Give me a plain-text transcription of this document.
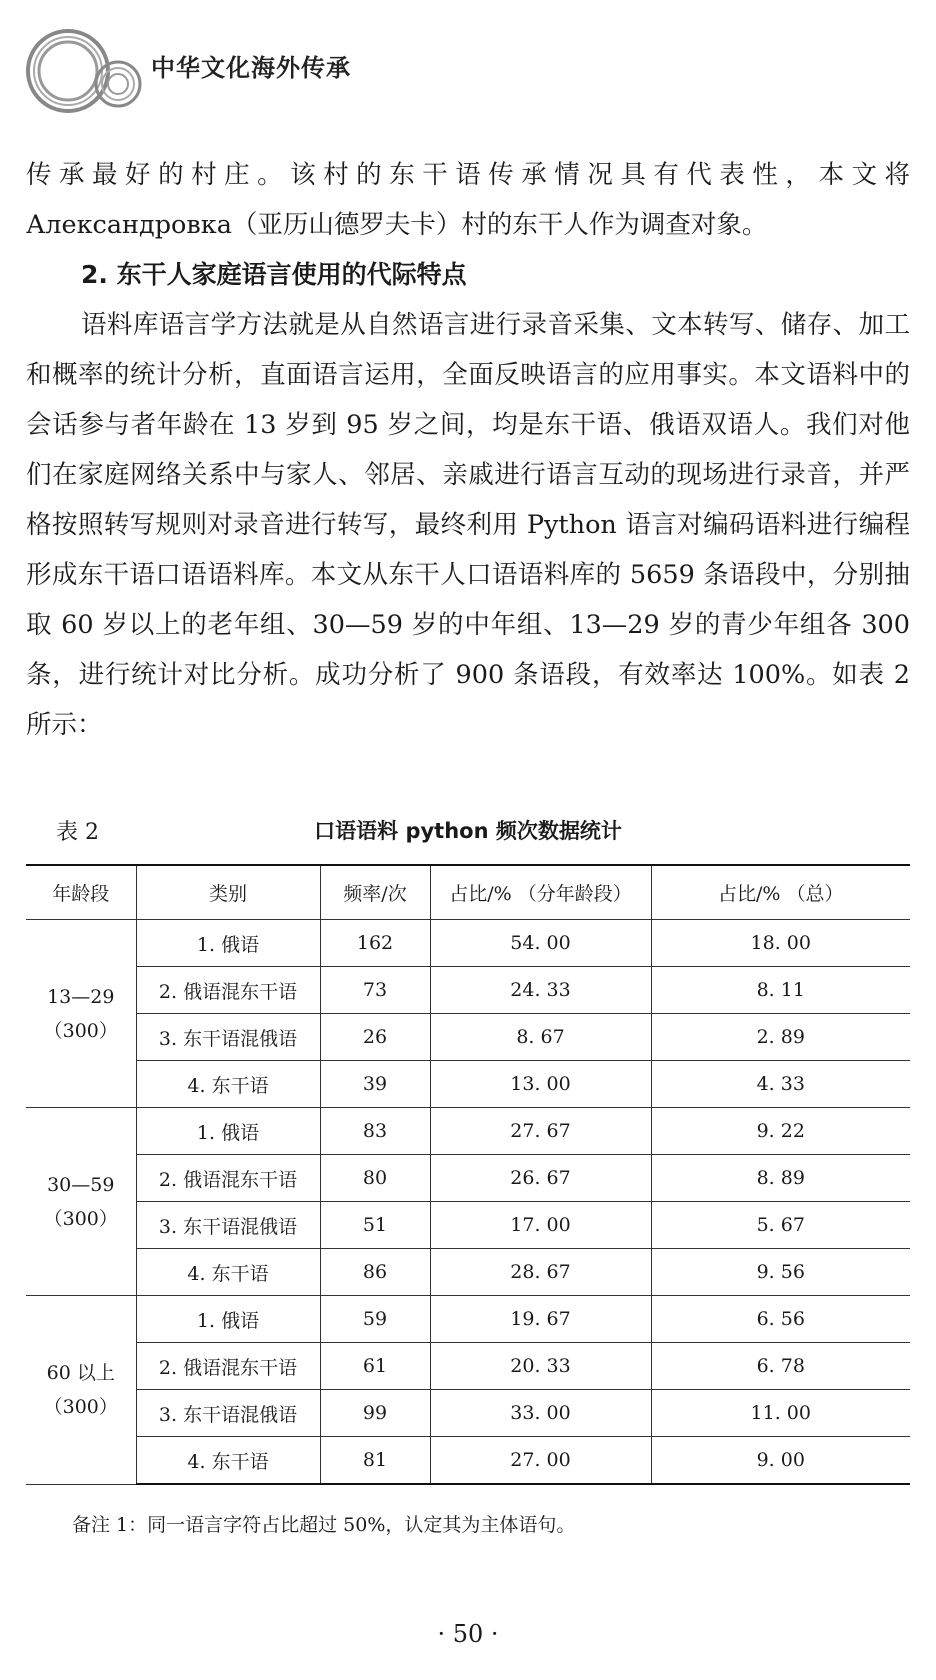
中华文化海外传承

传承最好的村庄。该村的东干语传承情况具有代表性，本文将Александровка（亚历山德罗夫卡）村的东干人作为调查对象。

2. 东干人家庭语言使用的代际特点

语料库语言学方法就是从自然语言进行录音采集、文本转写、储存、加工和概率的统计分析，直面语言运用，全面反映语言的应用事实。本文语料中的会话参与者年龄在 13 岁到 95 岁之间，均是东干语、俄语双语人。我们对他们在家庭网络关系中与家人、邻居、亲戚进行语言互动的现场进行录音，并严格按照转写规则对录音进行转写，最终利用 Python 语言对编码语料进行编程形成东干语口语语料库。本文从东干人口语语料库的 5659 条语段中，分别抽取 60 岁以上的老年组、30—59 岁的中年组、13—29 岁的青少年组各 300 条，进行统计对比分析。成功分析了 900 条语段，有效率达 100%。如表 2 所示：

表 2	口语语料 python 频次数据统计
年龄段	类别	频率/次	占比/% （分年龄段）	占比/% （总）

13—29
（300）	1. 俄语	162	54. 00	18. 00
	2. 俄语混东干语	73	24. 33	8. 11
	3. 东干语混俄语	26	8. 67	2. 89
	4. 东干语	39	13. 00	4. 33

30—59
（300）	1. 俄语	83	27. 67	9. 22
	2. 俄语混东干语	80	26. 67	8. 89
	3. 东干语混俄语	51	17. 00	5. 67
	4. 东干语	86	28. 67	9. 56

60 以上
（300）	1. 俄语	59	19. 67	6. 56
	2. 俄语混东干语	61	20. 33	6. 78
	3. 东干语混俄语	99	33. 00	11. 00
	4. 东干语	81	27. 00	9. 00
备注 1：同一语言字符占比超过 50%，认定其为主体语句。
· 50 ·
